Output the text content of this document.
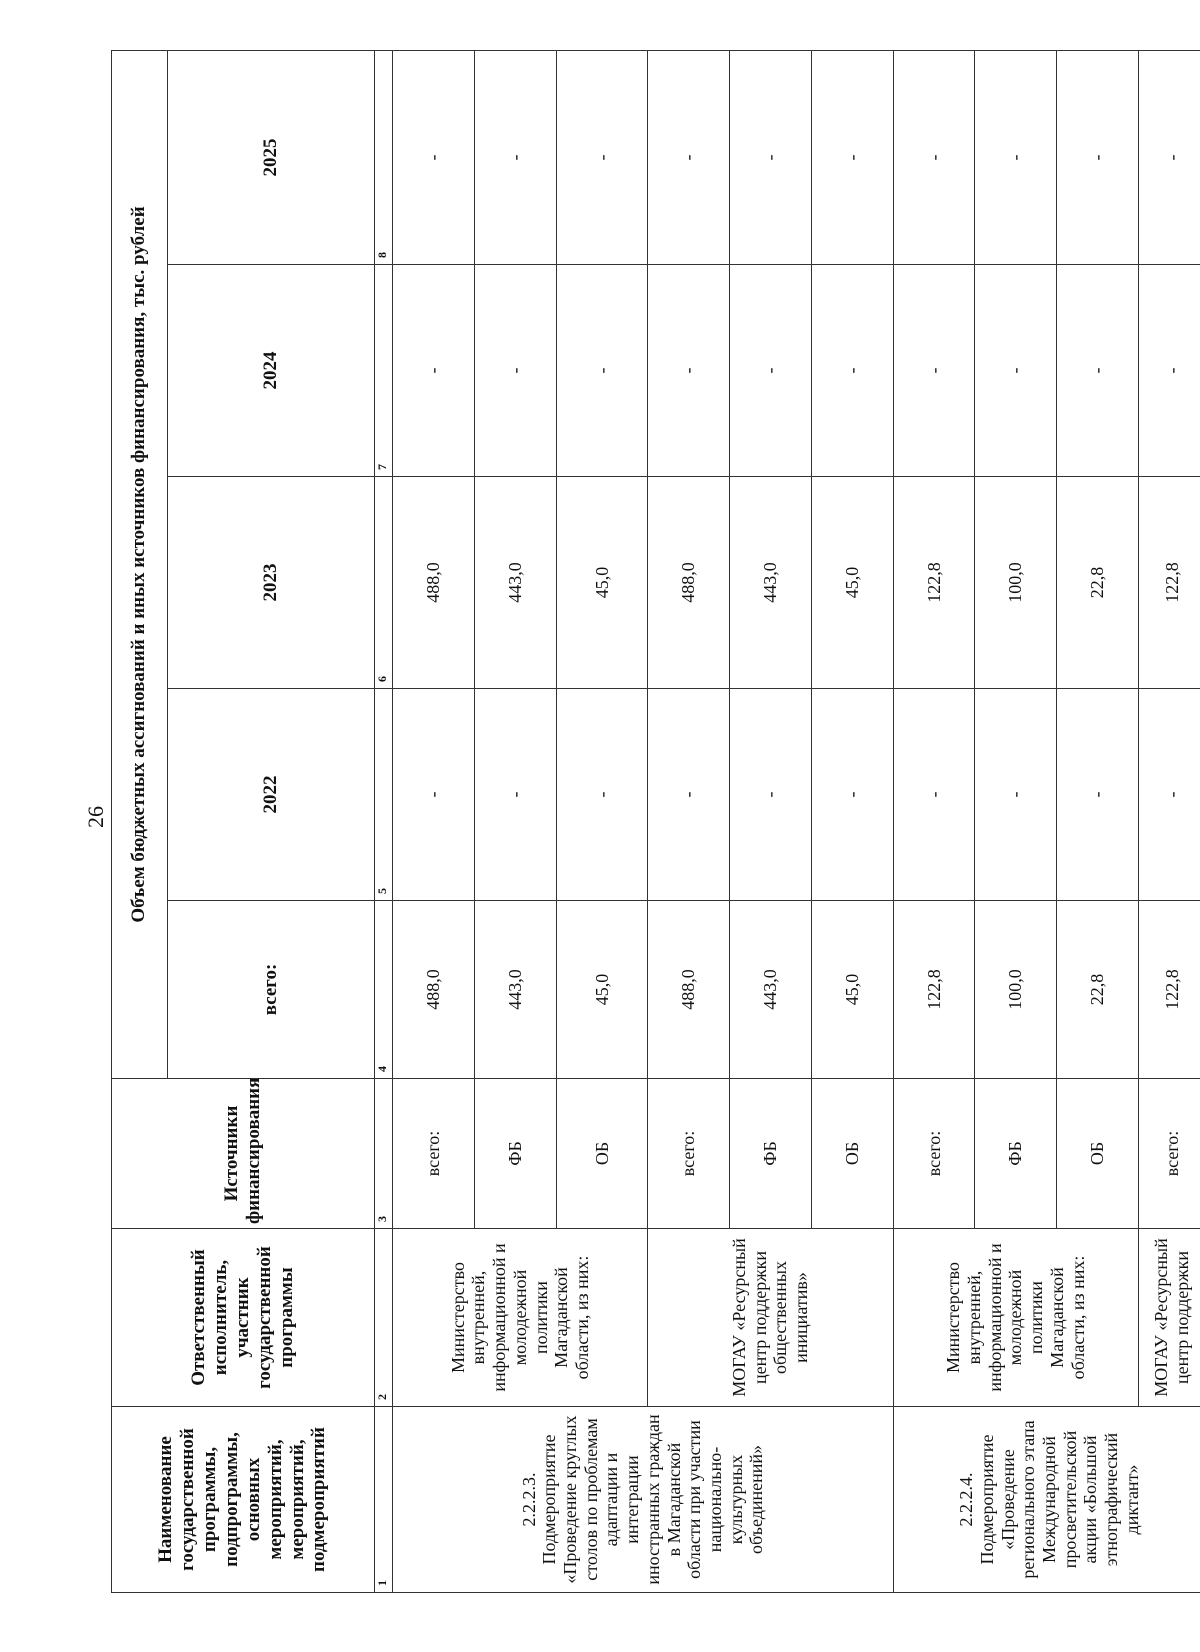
26
Наименование государственной программы, подпрограммы, основных мероприятий, мероприятий, подмероприятий	Ответственный исполнитель, участник государственной программы	Источники финансирования	Объем бюджетных ассигнований и иных источников финансирования, тыс. рублей				
			всего:	2022	2023	2024	2025
1	2	3	4	5	6	7	8
2.2.2.3. Подмероприятие «Проведение круглых столов по проблемам адаптации и интеграции иностранных граждан в Магаданской области при участии национально-культурных объединений»	Министерство внутренней, информационной и молодежной политики Магаданской области, из них:	всего:	488,0	-	488,0	-	-
		ФБ	443,0	-	443,0	-	-
		ОБ	45,0	-	45,0	-	-
	МОГАУ «Ресурсный центр поддержки общественных инициатив»	всего:	488,0	-	488,0	-	-
		ФБ	443,0	-	443,0	-	-
		ОБ	45,0	-	45,0	-	-
2.2.2.4. Подмероприятие «Проведение регионального этапа Международной просветительской акции «Большой этнографический диктант»	Министерство внутренней, информационной и молодежной политики Магаданской области, из них:	всего:	122,8	-	122,8	-	-
		ФБ	100,0	-	100,0	-	-
		ОБ	22,8	-	22,8	-	-
	МОГАУ «Ресурсный центр поддержки	всего:	122,8	-	122,8	-	-
